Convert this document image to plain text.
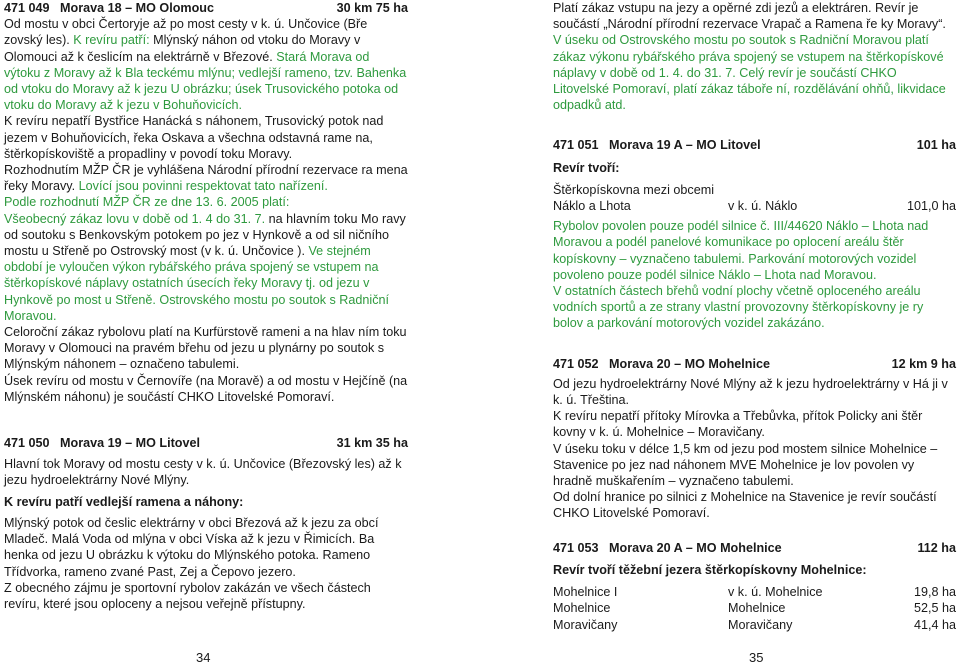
471 049   Morava 18 – MO Olomouc	30 km 75 ha

Od mostu v obci Čertoryje až po most cesty v k. ú. Unčovice (Bře zovský les). K revíru patří: Mlýnský náhon od vtoku do Moravy v Olomouci až k česlicím na elektrárně v Březové. Stará Morava od výtoku z Moravy až k Bla teckému mlýnu; vedlejší rameno, tzv. Bahenka od vtoku do Moravy až k jezu U obrázku; úsek Trusovického potoka od vtoku do Moravy až k jezu v Bohuňovicích.

K revíru nepatří Bystřice Hanácká s náhonem, Trusovický potok nad jezem v Bohuňovicích, řeka Oskava a všechna odstavná rame na, štěrkopískoviště a propadliny v povodí toku Moravy.

Rozhodnutím MŽP ČR je vyhlášena Národní přírodní rezervace ra mena řeky Moravy. Lovící jsou povinni respektovat tato nařízení.

Podle rozhodnutí MŽP ČR ze dne 13. 6. 2005 platí:

Všeobecný zákaz lovu v době od 1. 4 do 31. 7. na hlavním toku Mo ravy od soutoku s Benkovským potokem po jez v Hynkově a od sil ničního mostu u Střeně po Ostrovský most (v k. ú. Unčovice ). Ve stejném období je vyloučen výkon rybářského práva spojený se vstupem na štěrkopískové náplavy ostatních úsecích řeky Moravy tj. od jezu v Hynkově po most u Střeně. Ostrovského mostu po soutok s Radniční Moravou.

Celoroční zákaz rybolovu platí na Kurfürstově rameni a na hlav ním toku Moravy v Olomouci na pravém břehu od jezu u plynárny po soutok s Mlýnským náhonem – označeno tabulemi.

Úsek revíru od mostu v Černovíře (na Moravě) a od mostu v Hejčíně (na Mlýnském náhonu) je součástí CHKO Litovelské Pomoraví.

471 050   Morava 19 – MO Litovel	31 km 35 ha

Hlavní tok Moravy od mostu cesty v k. ú. Unčovice (Březovský les) až k jezu hydroelektrárny Nové Mlýny.

K revíru patří vedlejší ramena a náhony:

Mlýnský potok od česlic elektrárny v obci Březová až k jezu za obcí Mladeč. Malá Voda od mlýna v obci Víska až k jezu v Řimicích. Ba henka od jezu U obrázku k výtoku do Mlýnského potoka. Rameno Třídvorka, rameno zvané Past, Zej a Čepovo jezero.

Z obecného zájmu je sportovní rybolov zakázán ve všech částech revíru, které jsou oploceny a nejsou veřejně přístupny.

34

Platí zákaz vstupu na jezy a opěrné zdi jezů a elektráren. Revír je součástí „Národní přírodní rezervace Vrapač a Ramena ře ky Moravy“. V úseku od Ostrovského mostu po soutok s Radniční Moravou platí zákaz výkonu rybářského práva spojený se vstupem na štěrkopískové náplavy v době od 1. 4. do 31. 7. Celý revír je součástí CHKO Litovelské Pomoraví, platí zákaz táboře ní, rozdělávání ohňů, likvidace odpadků atd.

471 051   Morava 19 A – MO Litovel	101 ha

Revír tvoří:

Štěrkopískovna mezi obcemi

Náklo a Lhota	v k. ú. Náklo	101,0 ha

Rybolov povolen pouze podél silnice č. III/44620 Náklo – Lhota nad Moravou a podél panelové komunikace po oplocení areálu štěr kopískovny – vyznačeno tabulemi. Parkování motorových vozidel povoleno pouze podél silnice Náklo – Lhota nad Moravou.

V ostatních částech břehů vodní plochy včetně oploceného areálu vodních sportů a ze strany vlastní provozovny štěrkopískovny je ry bolov a parkování motorových vozidel zakázáno.

471 052   Morava 20 – MO Mohelnice	12 km 9 ha

Od jezu hydroelektrárny Nové Mlýny až k jezu hydroelektrárny v Há ji v k. ú. Třeština.

K revíru nepatří přítoky Mírovka a Třebůvka, přítok Policky ani štěr kovny v k. ú. Mohelnice – Moravičany.

V úseku toku v délce 1,5 km od jezu pod mostem silnice Mohelnice – Stavenice po jez nad náhonem MVE Mohelnice je lov povolen vy hradně muškařením – vyznačeno tabulemi.

Od dolní hranice po silnici z Mohelnice na Stavenice je revír součástí CHKO Litovelské Pomoraví.

471 053   Morava 20 A – MO Mohelnice	112 ha

Revír tvoří těžební jezera štěrkopískovny Mohelnice:

Mohelnice I	v k. ú. Mohelnice	19,8 ha
Mohelnice	Mohelnice	52,5 ha
Moravičany	Moravičany	41,4 ha
35
